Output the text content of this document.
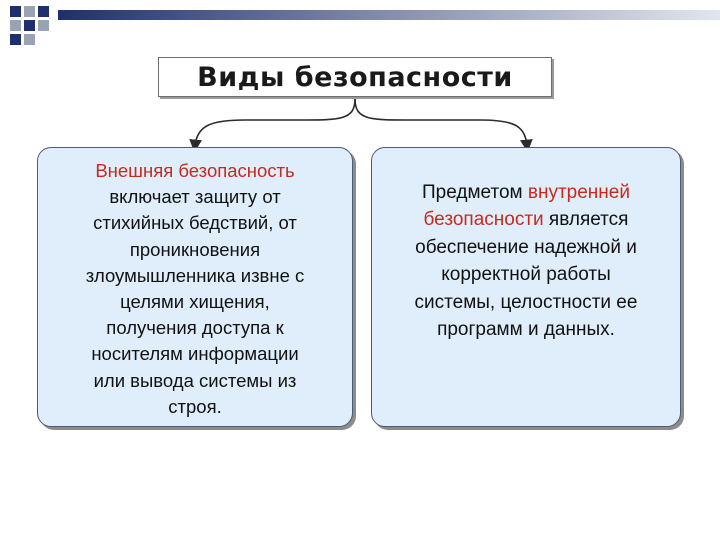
Виды безопасности
Внешняя безопасность
включает защиту от
стихийных бедствий, от
проникновения
злоумышленника извне с
целями хищения,
получения доступа к
носителям информации
или вывода системы из
строя.
Предметом внутренней
безопасности является
обеспечение надежной и
корректной работы
системы, целостности ее
программ и данных.
